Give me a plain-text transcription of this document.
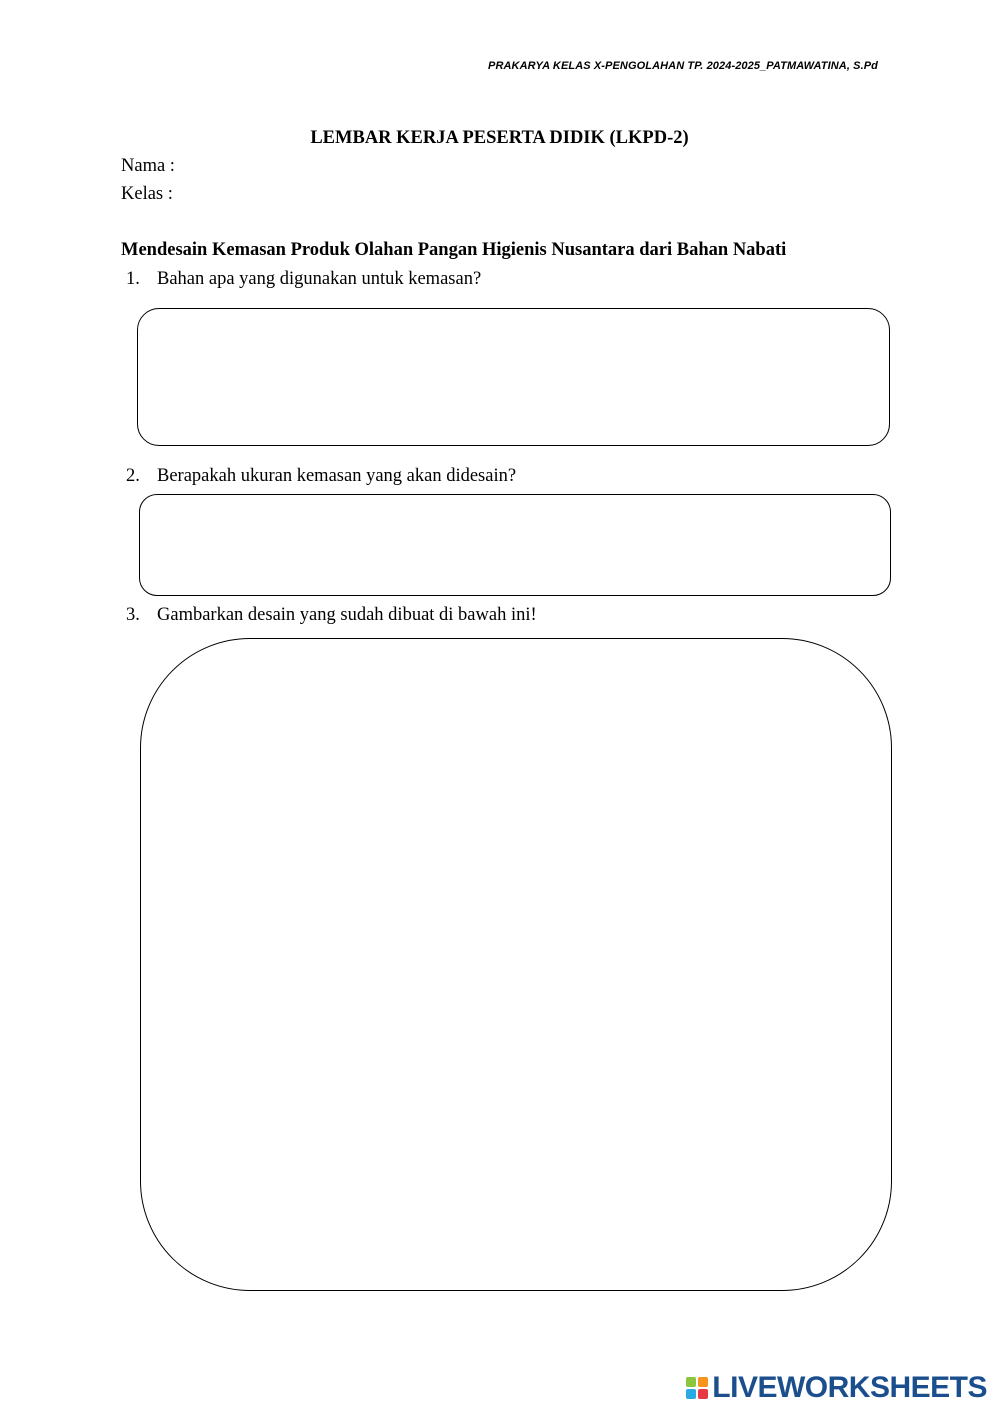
PRAKARYA KELAS X-PENGOLAHAN TP. 2024-2025_PATMAWATINA, S.Pd
LEMBAR KERJA PESERTA DIDIK (LKPD-2)
Nama :
Kelas :
Mendesain Kemasan Produk Olahan Pangan Higienis Nusantara dari Bahan Nabati
1. Bahan apa yang digunakan untuk kemasan?
2. Berapakah ukuran kemasan yang akan didesain?
3. Gambarkan desain yang sudah dibuat di bawah ini!
LIVEWORKSHEETS
